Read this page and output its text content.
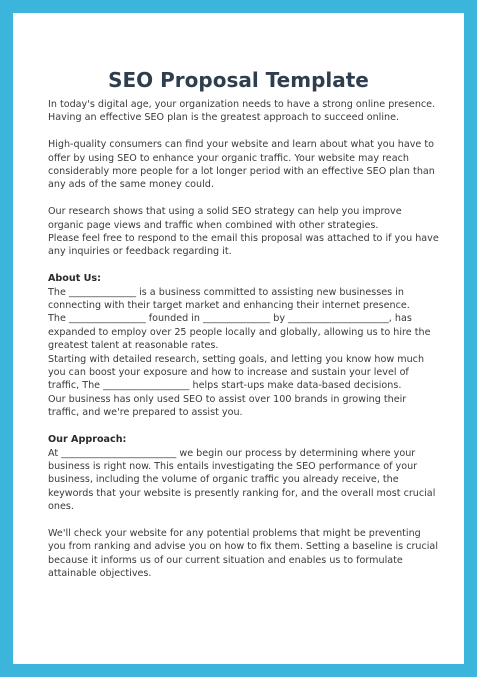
SEO Proposal Template

In today's digital age, your organization needs to have a strong online presence. Having an effective SEO plan is the greatest approach to succeed online.

High-quality consumers can find your website and learn about what you have to offer by using SEO to enhance your organic traffic. Your website may reach considerably more people for a lot longer period with an effective SEO plan than any ads of the same money could.

Our research shows that using a solid SEO strategy can help you improve organic page views and traffic when combined with other strategies.

Please feel free to respond to the email this proposal was attached to if you have any inquiries or feedback regarding it.

About Us:

The ______________ is a business committed to assisting new businesses in connecting with their target market and enhancing their internet presence.

The ________________ founded in ______________ by _____________________, has expanded to employ over 25 people locally and globally, allowing us to hire the greatest talent at reasonable rates.

Starting with detailed research, setting goals, and letting you know how much you can boost your exposure and how to increase and sustain your level of traffic, The __________________ helps start-ups make data-based decisions.

Our business has only used SEO to assist over 100 brands in growing their traffic, and we're prepared to assist you.

Our Approach:

At ________________________ we begin our process by determining where your business is right now. This entails investigating the SEO performance of your business, including the volume of organic traffic you already receive, the keywords that your website is presently ranking for, and the overall most crucial ones.

We'll check your website for any potential problems that might be preventing you from ranking and advise you on how to fix them. Setting a baseline is crucial because it informs us of our current situation and enables us to formulate attainable objectives.
